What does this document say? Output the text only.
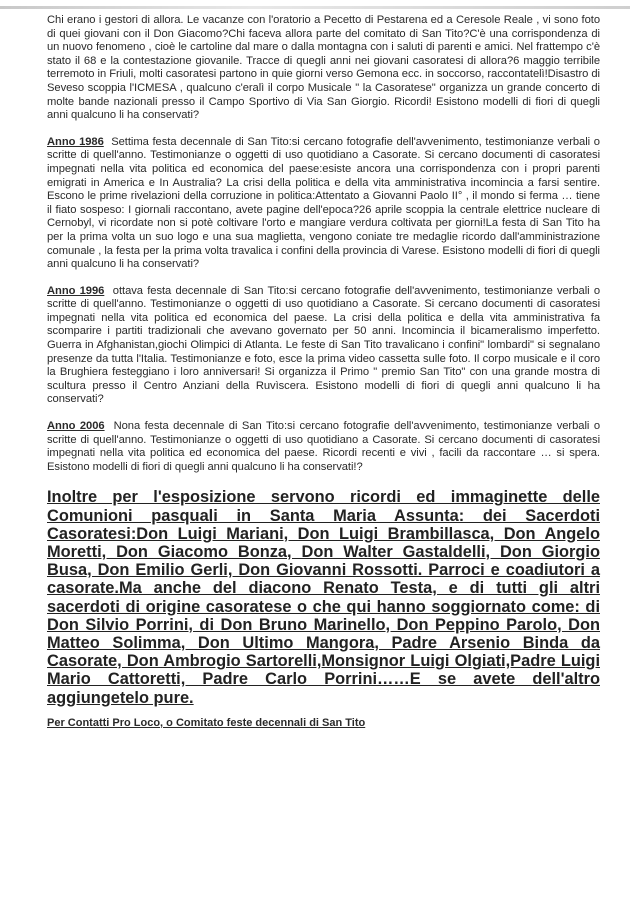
Chi erano i gestori di allora. Le vacanze con l'oratorio a Pecetto di Pestarena ed a Ceresole Reale , vi sono foto di quei giovani con il Don Giacomo?Chi faceva allora parte del comitato di San Tito?C'è una corrispondenza di un nuovo fenomeno , cioè le cartoline dal mare o dalla montagna con i saluti di parenti e amici. Nel frattempo c'è stato il 68 e la contestazione giovanile. Tracce di quegli anni nei giovani casoratesi di allora?6 maggio terribile terremoto in Friuli, molti casoratesi partono in quie giorni verso Gemona ecc. in soccorso, raccontatelì!Disastro di Seveso scoppia l'ICMESA , qualcuno c'eralì il corpo Musicale " la Casoratese" organizza un grande concerto di molte bande nazionali presso il Campo Sportivo di Via San Giorgio. Ricordi! Esistono modelli di fiori di quegli anni qualcuno li ha conservati?

Anno 1986 Settima festa decennale di San Tito:si cercano fotografie dell'avvenimento, testimonianze verbali o scritte di quell'anno. Testimonianze o oggetti di uso quotidiano a Casorate. Si cercano documenti di casoratesi impegnati nella vita politica ed economica del paese:esiste ancora una corrispondenza con i propri parenti emigrati in America e In Australia? La crisi della politica e della vita amministrativa incomincia a farsi sentire. Escono le prime rivelazioni della corruzione in politica:Attentato a Giovanni Paolo II° , il mondo si ferma … tiene il fiato sospeso: I giornali raccontano, avete pagine dell'epoca?26 aprile scoppia la centrale elettrice nucleare di Cernobyl, vi ricordate non si potè coltivare l'orto e mangiare verdura coltivata per giorni!La festa di San Tito ha per la prima volta un suo logo e una sua maglietta, vengono coniate tre medaglie ricordo dall'amministrazione comunale , la festa per la prima volta travalica i confini della provincia di Varese. Esistono modelli di fiori di quegli anni qualcuno li ha conservati?

Anno 1996 ottava festa decennale di San Tito:si cercano fotografie dell'avvenimento, testimonianze verbali o scritte di quell'anno. Testimonianze o oggetti di uso quotidiano a Casorate. Si cercano documenti di casoratesi impegnati nella vita politica ed economica del paese. La crisi della politica e della vita amministrativa fa scomparire i partiti tradizionali che avevano governato per 50 anni. Incomincia il bicameralismo imperfetto. Guerra in Afghanistan,giochi Olimpici di Atlanta. Le feste di San Tito travalicano i confini" lombardi" si segnalano presenze da tutta l'Italia. Testimonianze e foto, esce la prima video cassetta sulle foto. Il corpo musicale e il coro la Brughiera festeggiano i loro anniversari! Si organizza il Primo " premio San Tito" con una grande mostra di scultura presso il Centro Anziani della Ruvìscera. Esistono modelli di fiori di quegli anni qualcuno li ha conservati?

Anno 2006 Nona festa decennale di San Tito:si cercano fotografie dell'avvenimento, testimonianze verbali o scritte di quell'anno. Testimonianze o oggetti di uso quotidiano a Casorate. Si cercano documenti di casoratesi impegnati nella vita politica ed economica del paese. Ricordi recenti e vivi , facili da raccontare … si spera. Esistono modelli di fiori di quegli anni qualcuno li ha conservati!?

Inoltre per l'esposizione servono ricordi ed immaginette delle Comunioni pasquali in Santa Maria Assunta: dei Sacerdoti Casoratesi:Don Luigi Mariani, Don Luigi Brambillasca, Don Angelo Moretti, Don Giacomo Bonza, Don Walter Gastaldelli, Don Giorgio Busa, Don Emilio Gerli, Don Giovanni Rossotti. Parroci e coadiutori a casorate.Ma anche del diacono Renato Testa, e di tutti gli altri sacerdoti di origine casoratese o che qui hanno soggiornato come: di Don Silvio Porrini, di Don Bruno Marinello, Don Peppino Parolo, Don Matteo Solimma, Don Ultimo Mangora, Padre Arsenio Binda da Casorate, Don Ambrogio Sartorelli,Monsignor Luigi Olgiati,Padre Luigi Mario Cattoretti, Padre Carlo Porrini……E se avete dell'altro aggiungetelo pure.

Per Contatti Pro Loco, o Comitato feste decennali di San Tito
